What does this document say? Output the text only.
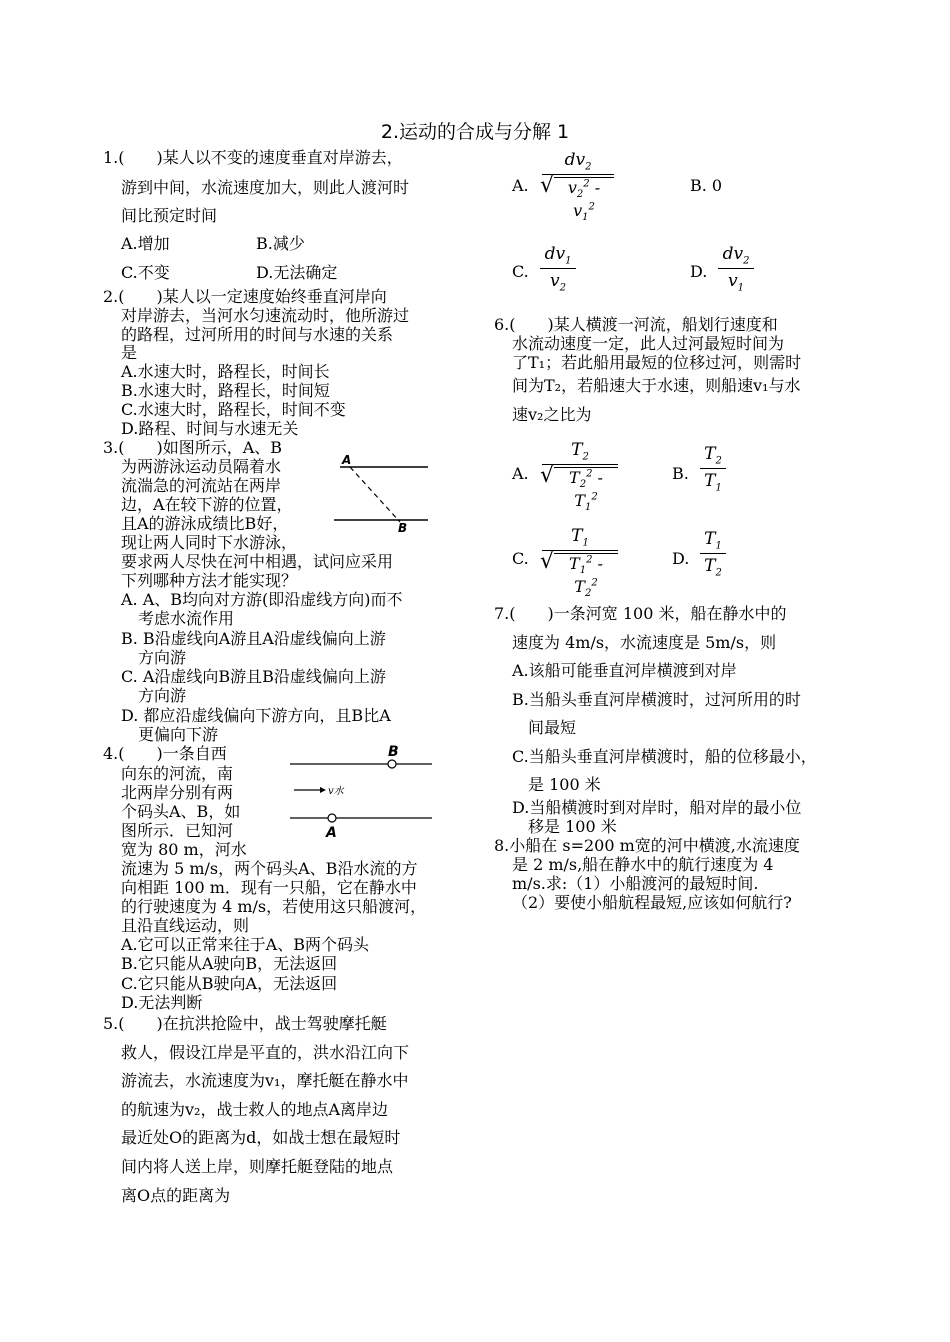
2.运动的合成与分解 1
1.(　　)某人以不变的速度垂直对岸游去，
游到中间，水流速度加大，则此人渡河时
间比预定时间
A.增加	B.减少
C.不变	D.无法确定
2.(　　)某人以一定速度始终垂直河岸向
对岸游去，当河水匀速流动时，他所游过
的路程，过河所用的时间与水速的关系
是
A.水速大时，路程长，时间长
B.水速大时，路程长，时间短
C.水速大时，路程长，时间不变
D.路程、时间与水速无关
3.(　　)如图所示，A、B
为两游泳运动员隔着水
流湍急的河流站在两岸
边，A在较下游的位置，
且A的游泳成绩比B好，
现让两人同时下水游泳，
要求两人尽快在河中相遇，试问应采用
下列哪种方法才能实现？
A. A、B均向对方游(即沿虚线方向)而不
考虑水流作用
B. B沿虚线向A游且A沿虚线偏向上游
方向游
C. A沿虚线向B游且B沿虚线偏向上游
方向游
D. 都应沿虚线偏向下游方向，且B比A
更偏向下游
A
B
4.(　　)一条自西
向东的河流，南
北两岸分别有两
个码头A、B，如
图所示．已知河
宽为 80 m，河水
流速为 5 m/s，两个码头A、B沿水流的方
向相距 100 m．现有一只船，它在静水中
的行驶速度为 4 m/s，若使用这只船渡河，
且沿直线运动，则
A.它可以正常来往于A、B两个码头
B.它只能从A驶向B，无法返回
C.它只能从B驶向A，无法返回
D.无法判断
B
v水
A
5.(　　)在抗洪抢险中，战士驾驶摩托艇
救人，假设江岸是平直的，洪水沿江向下
游流去，水流速度为v₁，摩托艇在静水中
的航速为v₂，战士救人的地点A离岸边
最近处O的距离为d，如战士想在最短时
间内将人送上岸，则摩托艇登陆的地点
离O点的距离为
A.
$dv_2$
√ $v_2^2 - v_1^2$
B. 0
C.
$dv_1$
$v_2$
D.
$dv_2$
$v_1$
6.(　　)某人横渡一河流，船划行速度和
水流动速度一定，此人过河最短时间为
了T₁；若此船用最短的位移过河，则需时
间为T₂，若船速大于水速，则船速v₁与水
速v₂之比为
A.
$T_2$
√ $T_2^2 - T_1^2$
B.
$T_2$
$T_1$
C.
$T_1$
√ $T_1^2 - T_2^2$
D.
$T_1$
$T_2$
7.(　　)一条河宽 100 米，船在静水中的
速度为 4m/s，水流速度是 5m/s，则
A.该船可能垂直河岸横渡到对岸
B.当船头垂直河岸横渡时，过河所用的时
间最短
C.当船头垂直河岸横渡时，船的位移最小，
是 100 米
D.当船横渡时到对岸时，船对岸的最小位
移是 100 米
8.小船在 s=200 m宽的河中横渡,水流速度
是 2 m/s,船在静水中的航行速度为 4
m/s.求:（1）小船渡河的最短时间.
（2）要使小船航程最短,应该如何航行?
